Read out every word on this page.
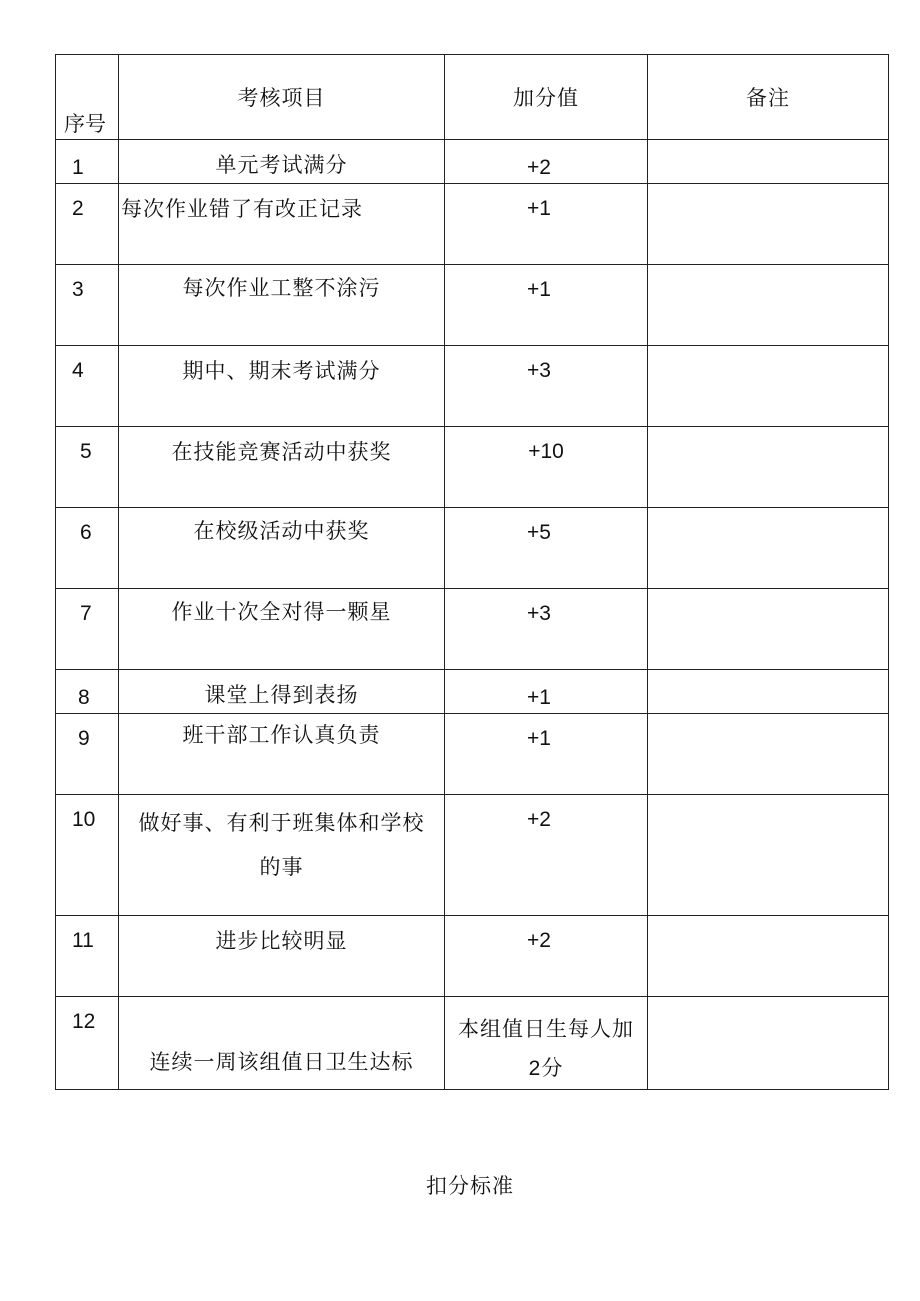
序号	考核项目	加分值	备注

1	单元考试满分	+2	

2	每次作业错了有改正记录	+1	

3	每次作业工整不涂污	+1	

4	期中、期末考试满分	+3	

5	在技能竞赛活动中获奖	+10	

6	在校级活动中获奖	+5	

7	作业十次全对得一颗星	+3	

8	课堂上得到表扬	+1	

9	班干部工作认真负责	+1	

10	做好事、有利于班集体和学校
的事	+2	

11	进步比较明显	+2	

12	连续一周该组值日卫生达标	本组值日生每人加
2分	

扣分标准
